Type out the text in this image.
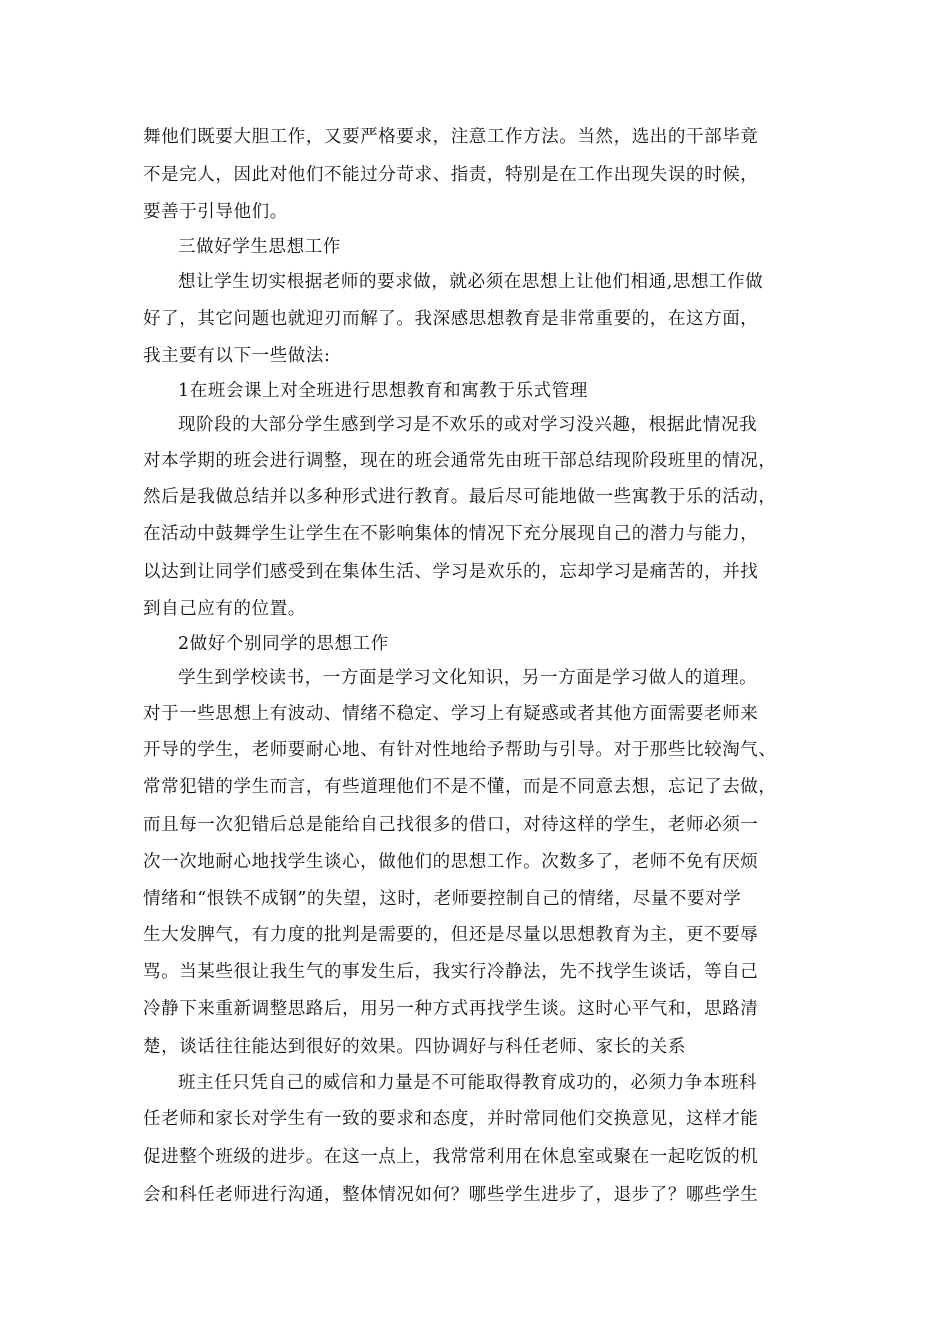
舞他们既要大胆工作，又要严格要求，注意工作方法。当然，选出的干部毕竟
不是完人，因此对他们不能过分苛求、指责，特别是在工作出现失误的时候，
要善于引导他们。
三做好学生思想工作
想让学生切实根据老师的要求做，就必须在思想上让他们相通,思想工作做
好了，其它问题也就迎刃而解了。我深感思想教育是非常重要的，在这方面，
我主要有以下一些做法:
1在班会课上对全班进行思想教育和寓教于乐式管理
现阶段的大部分学生感到学习是不欢乐的或对学习没兴趣，根据此情况我
对本学期的班会进行调整，现在的班会通常先由班干部总结现阶段班里的情况，
然后是我做总结并以多种形式进行教育。最后尽可能地做一些寓教于乐的活动，
在活动中鼓舞学生让学生在不影响集体的情况下充分展现自己的潜力与能力，
以达到让同学们感受到在集体生活、学习是欢乐的，忘却学习是痛苦的，并找
到自己应有的位置。
2做好个别同学的思想工作
学生到学校读书，一方面是学习文化知识，另一方面是学习做人的道理。
对于一些思想上有波动、情绪不稳定、学习上有疑惑或者其他方面需要老师来
开导的学生，老师要耐心地、有针对性地给予帮助与引导。对于那些比较淘气、
常常犯错的学生而言，有些道理他们不是不懂，而是不同意去想，忘记了去做，
而且每一次犯错后总是能给自己找很多的借口，对待这样的学生，老师必须一
次一次地耐心地找学生谈心，做他们的思想工作。次数多了，老师不免有厌烦
情绪和“恨铁不成钢”的失望，这时，老师要控制自己的情绪，尽量不要对学
生大发脾气，有力度的批判是需要的，但还是尽量以思想教育为主，更不要辱
骂。当某些很让我生气的事发生后，我实行冷静法，先不找学生谈话，等自己
冷静下来重新调整思路后，用另一种方式再找学生谈。这时心平气和，思路清
楚，谈话往往能达到很好的效果。四协调好与科任老师、家长的关系
班主任只凭自己的威信和力量是不可能取得教育成功的，必须力争本班科
任老师和家长对学生有一致的要求和态度，并时常同他们交换意见，这样才能
促进整个班级的进步。在这一点上，我常常利用在休息室或聚在一起吃饭的机
会和科任老师进行沟通，整体情况如何？哪些学生进步了，退步了？哪些学生
